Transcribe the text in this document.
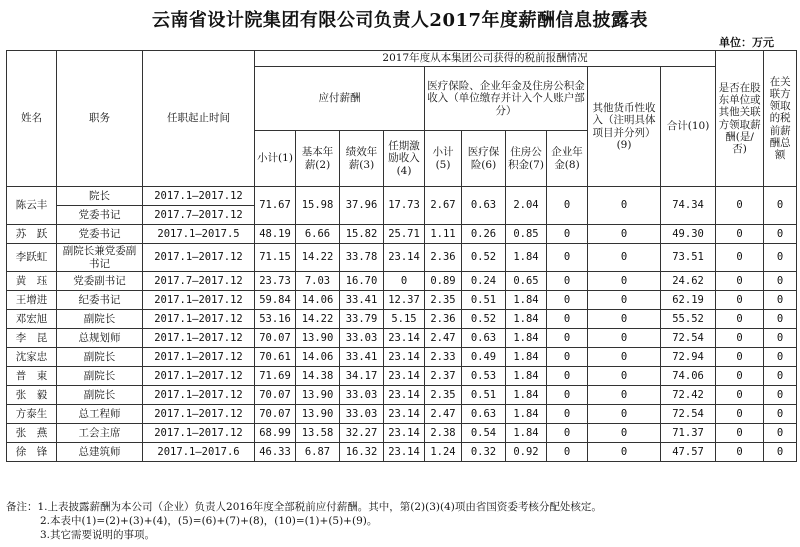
云南省设计院集团有限公司负责人2017年度薪酬信息披露表
单位：万元
姓名	职务	任职起止时间	2017年度从本集团公司获得的税前报酬情况										是否在股东单位或其他关联方领取薪酬(是/否)	在关联方领取的税前薪酬总额
			应付薪酬				医疗保险、企业年金及住房公积金收入（单位缴存并计入个人账户部分）				其他货币性收入（注明具体项目并分列）(9)	合计(10)		
			小计(1)	基本年薪(2)	绩效年薪(3)	任期激励收入(4)	小计(5)	医疗保险(6)	住房公积金(7)	企业年金(8)				
陈云丰	院长	2017.1—2017.12	71.67	15.98	37.96	17.73	2.67	0.63	2.04	0	0	74.34	0	0
	党委书记	2017.7—2017.12												
苏　跃	党委书记	2017.1—2017.5	48.19	6.66	15.82	25.71	1.11	0.26	0.85	0	0	49.30	0	0
李跃虹	副院长兼党委副书记	2017.1—2017.12	71.15	14.22	33.78	23.14	2.36	0.52	1.84	0	0	73.51	0	0
黄　珏	党委副书记	2017.7—2017.12	23.73	7.03	16.70	0	0.89	0.24	0.65	0	0	24.62	0	0
王增进	纪委书记	2017.1—2017.12	59.84	14.06	33.41	12.37	2.35	0.51	1.84	0	0	62.19	0	0
邓宏旭	副院长	2017.1—2017.12	53.16	14.22	33.79	5.15	2.36	0.52	1.84	0	0	55.52	0	0
李　昆	总规划师	2017.1—2017.12	70.07	13.90	33.03	23.14	2.47	0.63	1.84	0	0	72.54	0	0
沈家忠	副院长	2017.1—2017.12	70.61	14.06	33.41	23.14	2.33	0.49	1.84	0	0	72.94	0	0
普　東	副院长	2017.1—2017.12	71.69	14.38	34.17	23.14	2.37	0.53	1.84	0	0	74.06	0	0
张　毅	副院长	2017.1—2017.12	70.07	13.90	33.03	23.14	2.35	0.51	1.84	0	0	72.42	0	0
方泰生	总工程师	2017.1—2017.12	70.07	13.90	33.03	23.14	2.47	0.63	1.84	0	0	72.54	0	0
张　燕	工会主席	2017.1—2017.12	68.99	13.58	32.27	23.14	2.38	0.54	1.84	0	0	71.37	0	0
徐　锋	总建筑师	2017.1—2017.6	46.33	6.87	16.32	23.14	1.24	0.32	0.92	0	0	47.57	0	0
备注：1.上表披露薪酬为本公司（企业）负责人2016年度全部税前应付薪酬。其中，第(2)(3)(4)项由省国资委考核分配处核定。
2.本表中(1)=(2)+(3)+(4)，(5)=(6)+(7)+(8)，(10)=(1)+(5)+(9)。
3.其它需要说明的事项。
